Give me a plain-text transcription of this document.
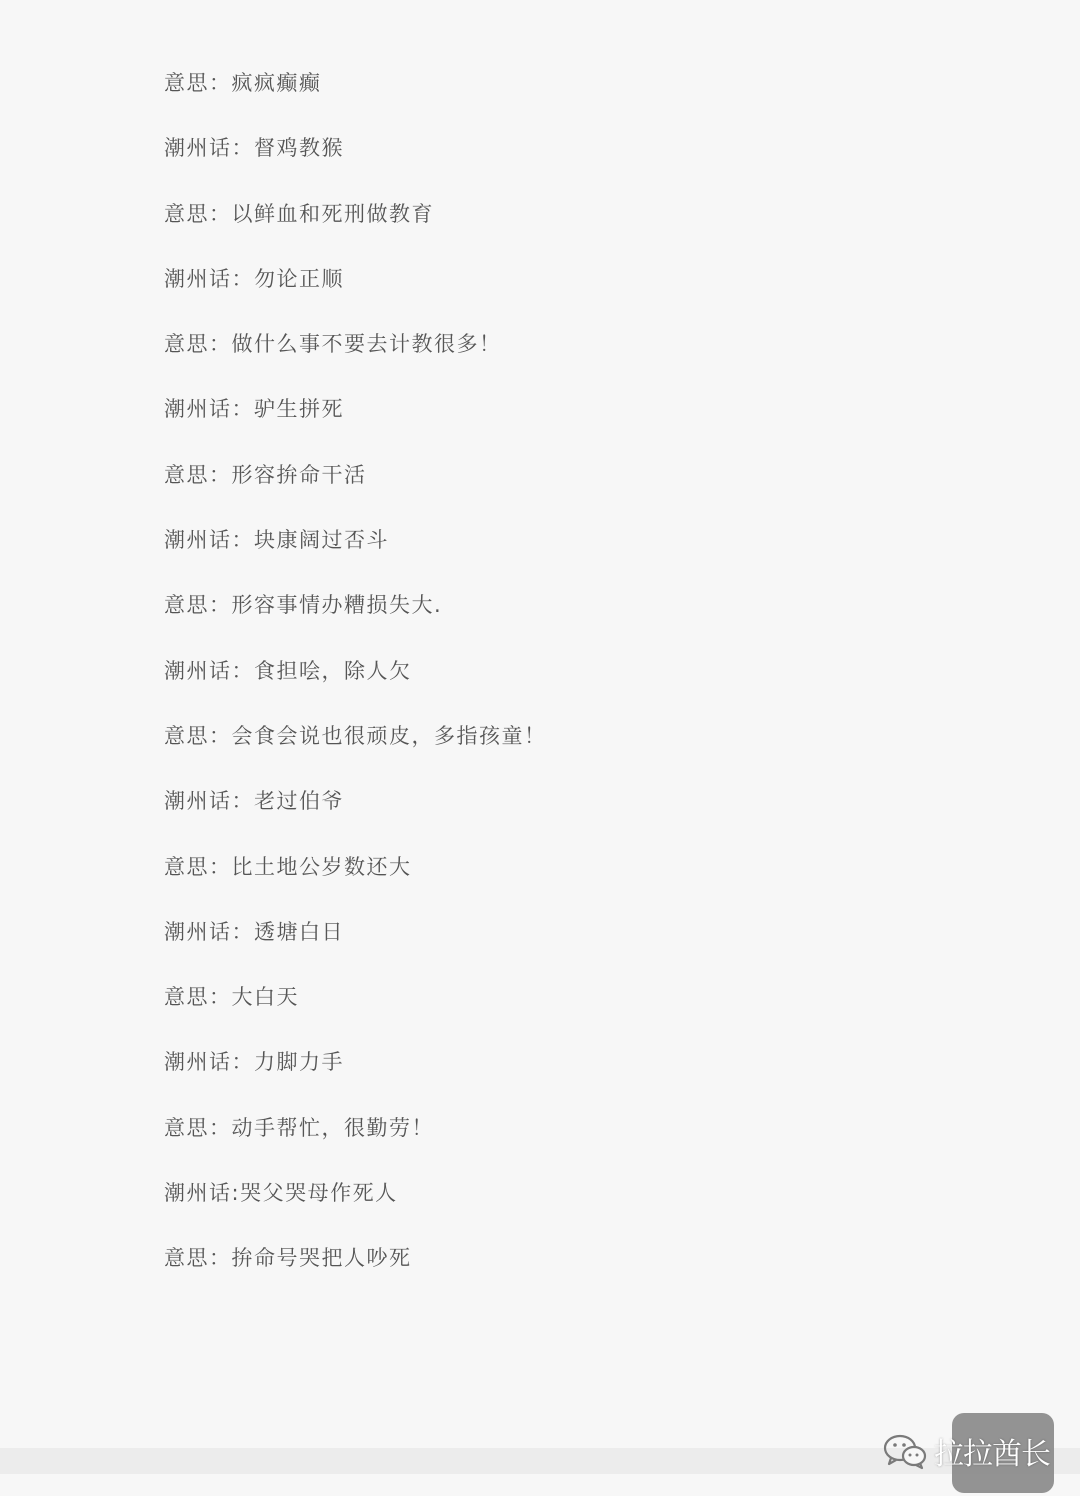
意思：疯疯癫癫
潮州话：督鸡教猴
意思：以鲜血和死刑做教育
潮州话：勿论正顺
意思：做什么事不要去计教很多！
潮州话：驴生拼死
意思：形容拚命干活
潮州话：块康阔过否斗
意思：形容事情办糟损失大.
潮州话：食担哙，除人欠
意思：会食会说也很顽皮，多指孩童！
潮州话：老过伯爷
意思：比土地公岁数还大
潮州话：透塘白日
意思：大白天
潮州话：力脚力手
意思：动手帮忙，很勤劳！
潮州话:哭父哭母作死人
意思：拚命号哭把人吵死
拉拉酋长
